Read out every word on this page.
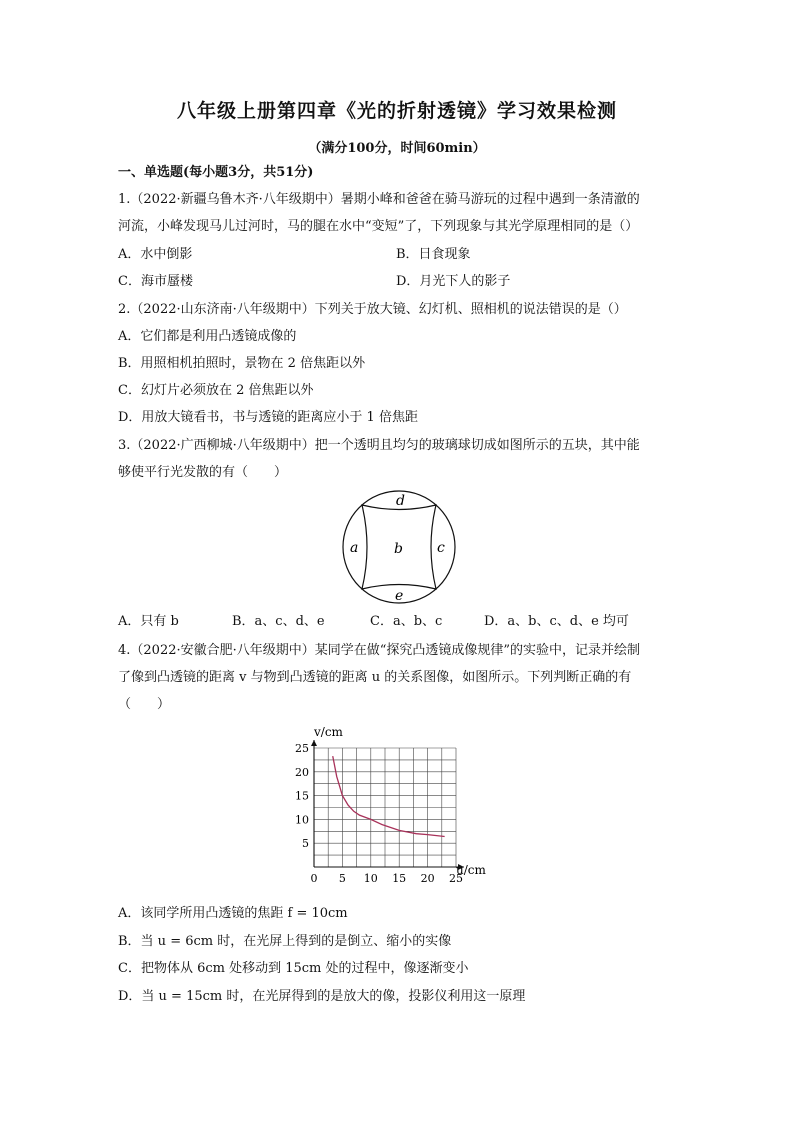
八年级上册第四章《光的折射透镜》学习效果检测
（满分100分，时间60min）
一、单选题(每小题3分，共51分)
1.（2022·新疆乌鲁木齐·八年级期中）暑期小峰和爸爸在骑马游玩的过程中遇到一条清澈的
河流，小峰发现马儿过河时，马的腿在水中“变短”了，下列现象与其光学原理相同的是（）
A．水中倒影	B．日食现象
C．海市蜃楼	D．月光下人的影子
2.（2022·山东济南·八年级期中）下列关于放大镜、幻灯机、照相机的说法错误的是（）
A．它们都是利用凸透镜成像的
B．用照相机拍照时，景物在 2 倍焦距以外
C．幻灯片必须放在 2 倍焦距以外
D．用放大镜看书，书与透镜的距离应小于 1 倍焦距
3.（2022·广西柳城·八年级期中）把一个透明且均匀的玻璃球切成如图所示的五块，其中能
够使平行光发散的有（　　）
d
a	b c
e
A．只有 b	B．a、c、d、e	C．a、b、c	D．a、b、c、d、e 均可
4.（2022·安徽合肥·八年级期中）某同学在做“探究凸透镜成像规律”的实验中，记录并绘制
了像到凸透镜的距离 v 与物到凸透镜的距离 u 的关系图像，如图所示。下列判断正确的有
（　　）
0 5 10 15 20 25
5
10
15
20
25
v/cm
u/cm
A．该同学所用凸透镜的焦距 f = 10cm
B．当 u = 6cm 时，在光屏上得到的是倒立、缩小的实像
C．把物体从 6cm 处移动到 15cm 处的过程中，像逐渐变小
D．当 u = 15cm 时，在光屏得到的是放大的像，投影仪利用这一原理
